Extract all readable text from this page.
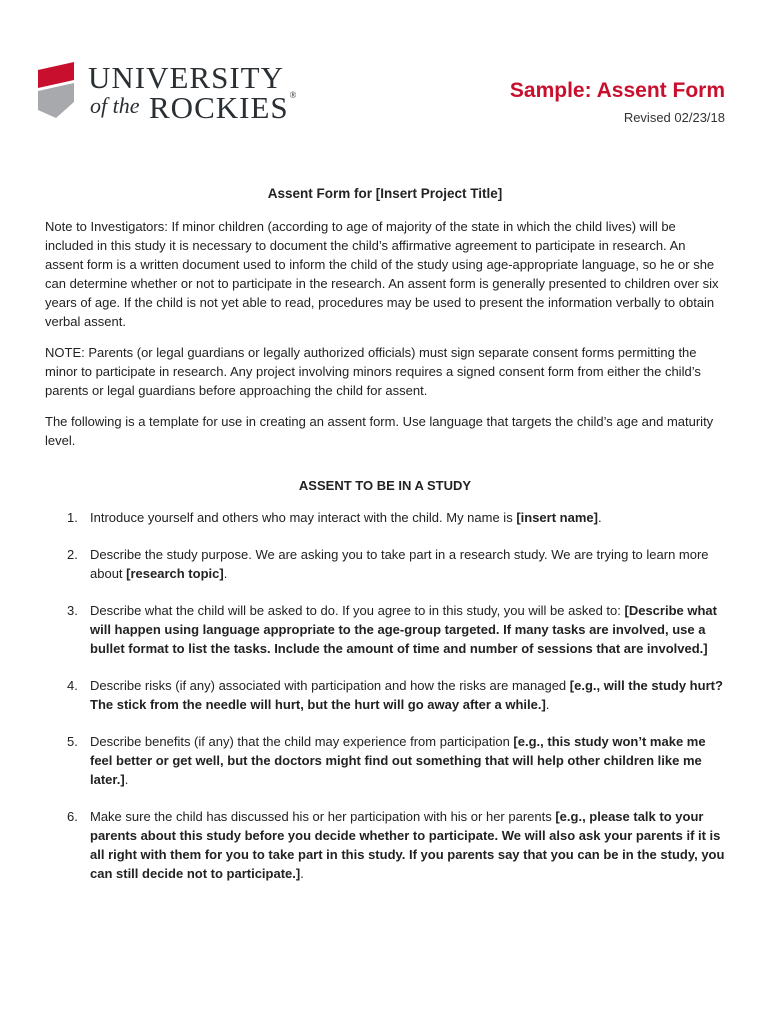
UNIVERSITY
of the ROCKIES®	Sample: Assent Form
Revised 02/23/18
Assent Form for [Insert Project Title]

Note to Investigators: If minor children (according to age of majority of the state in which the child lives) will be included in this study it is necessary to document the child’s affirmative agreement to participate in research. An assent form is a written document used to inform the child of the study using age-appropriate language, so he or she can determine whether or not to participate in the research. An assent form is generally presented to children over six years of age. If the child is not yet able to read, procedures may be used to present the information verbally to obtain verbal assent.

NOTE: Parents (or legal guardians or legally authorized officials) must sign separate consent forms permitting the minor to participate in research. Any project involving minors requires a signed consent form from either the child’s parents or legal guardians before approaching the child for assent.

The following is a template for use in creating an assent form. Use language that targets the child’s age and maturity level.

ASSENT TO BE IN A STUDY
1. Introduce yourself and others who may interact with the child. My name is [insert name].
2. Describe the study purpose. We are asking you to take part in a research study. We are trying to learn more about [research topic].
3. Describe what the child will be asked to do. If you agree to in this study, you will be asked to: [Describe what will happen using language appropriate to the age-group targeted. If many tasks are involved, use a bullet format to list the tasks. Include the amount of time and number of sessions that are involved.]
4. Describe risks (if any) associated with participation and how the risks are managed [e.g., will the study hurt? The stick from the needle will hurt, but the hurt will go away after a while.].
5. Describe benefits (if any) that the child may experience from participation [e.g., this study won’t make me feel better or get well, but the doctors might find out something that will help other children like me later.].
6. Make sure the child has discussed his or her participation with his or her parents [e.g., please talk to your parents about this study before you decide whether to participate. We will also ask your parents if it is all right with them for you to take part in this study. If you parents say that you can be in the study, you can still decide not to participate.].
